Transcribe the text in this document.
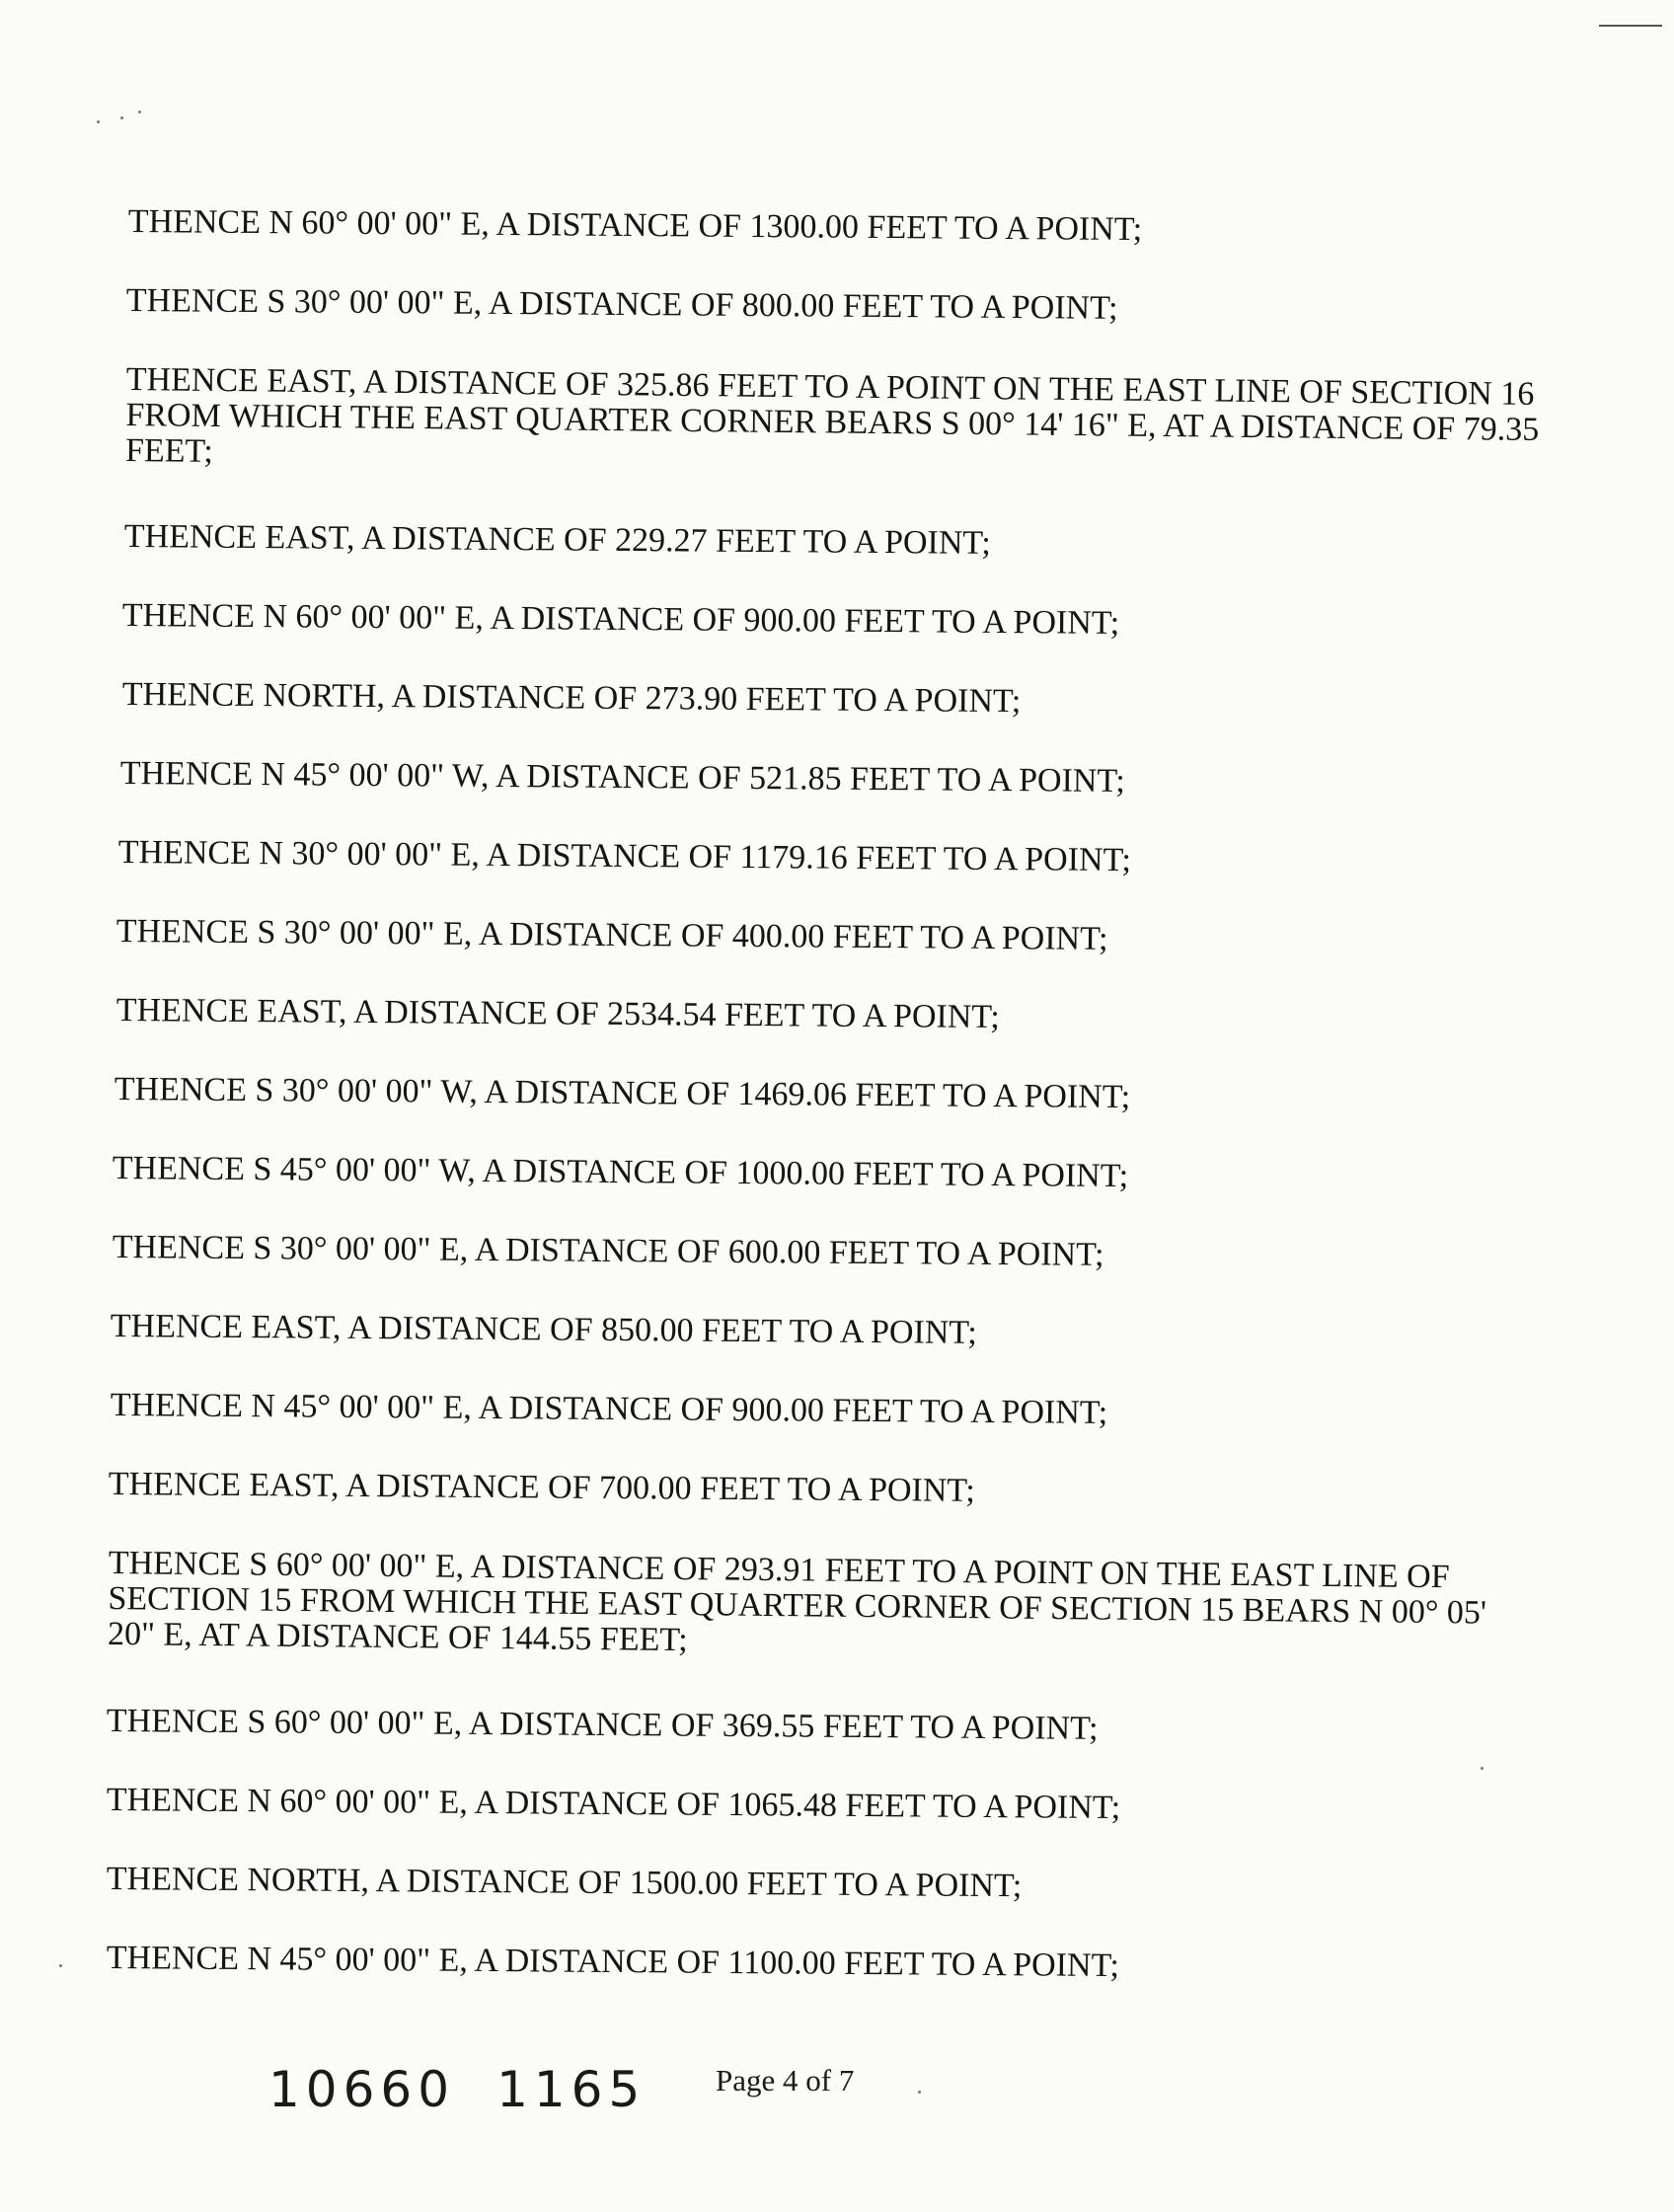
THENCE N 60° 00' 00" E, A DISTANCE OF 1300.00 FEET TO A POINT;
THENCE S 30° 00' 00" E, A DISTANCE OF 800.00 FEET TO A POINT;
THENCE EAST, A DISTANCE OF 325.86 FEET TO A POINT ON THE EAST LINE OF SECTION 16 FROM WHICH THE EAST QUARTER CORNER BEARS S 00° 14' 16" E, AT A DISTANCE OF 79.35 FEET;
THENCE EAST, A DISTANCE OF 229.27 FEET TO A POINT;
THENCE N 60° 00' 00" E, A DISTANCE OF 900.00 FEET TO A POINT;
THENCE NORTH, A DISTANCE OF 273.90 FEET TO A POINT;
THENCE N 45° 00' 00" W, A DISTANCE OF 521.85 FEET TO A POINT;
THENCE N 30° 00' 00" E, A DISTANCE OF 1179.16 FEET TO A POINT;
THENCE S 30° 00' 00" E, A DISTANCE OF 400.00 FEET TO A POINT;
THENCE EAST, A DISTANCE OF 2534.54 FEET TO A POINT;
THENCE S 30° 00' 00" W, A DISTANCE OF 1469.06 FEET TO A POINT;
THENCE S 45° 00' 00" W, A DISTANCE OF 1000.00 FEET TO A POINT;
THENCE S 30° 00' 00" E, A DISTANCE OF 600.00 FEET TO A POINT;
THENCE EAST, A DISTANCE OF 850.00 FEET TO A POINT;
THENCE N 45° 00' 00" E, A DISTANCE OF 900.00 FEET TO A POINT;
THENCE EAST, A DISTANCE OF 700.00 FEET TO A POINT;
THENCE S 60° 00' 00" E, A DISTANCE OF 293.91 FEET TO A POINT ON THE EAST LINE OF SECTION 15 FROM WHICH THE EAST QUARTER CORNER OF SECTION 15 BEARS N 00° 05' 20" E, AT A DISTANCE OF 144.55 FEET;
THENCE S 60° 00' 00" E, A DISTANCE OF 369.55 FEET TO A POINT;
THENCE N 60° 00' 00" E, A DISTANCE OF 1065.48 FEET TO A POINT;
THENCE NORTH, A DISTANCE OF 1500.00 FEET TO A POINT;
THENCE N 45° 00' 00" E, A DISTANCE OF 1100.00 FEET TO A POINT;
10660 1165	Page 4 of 7
